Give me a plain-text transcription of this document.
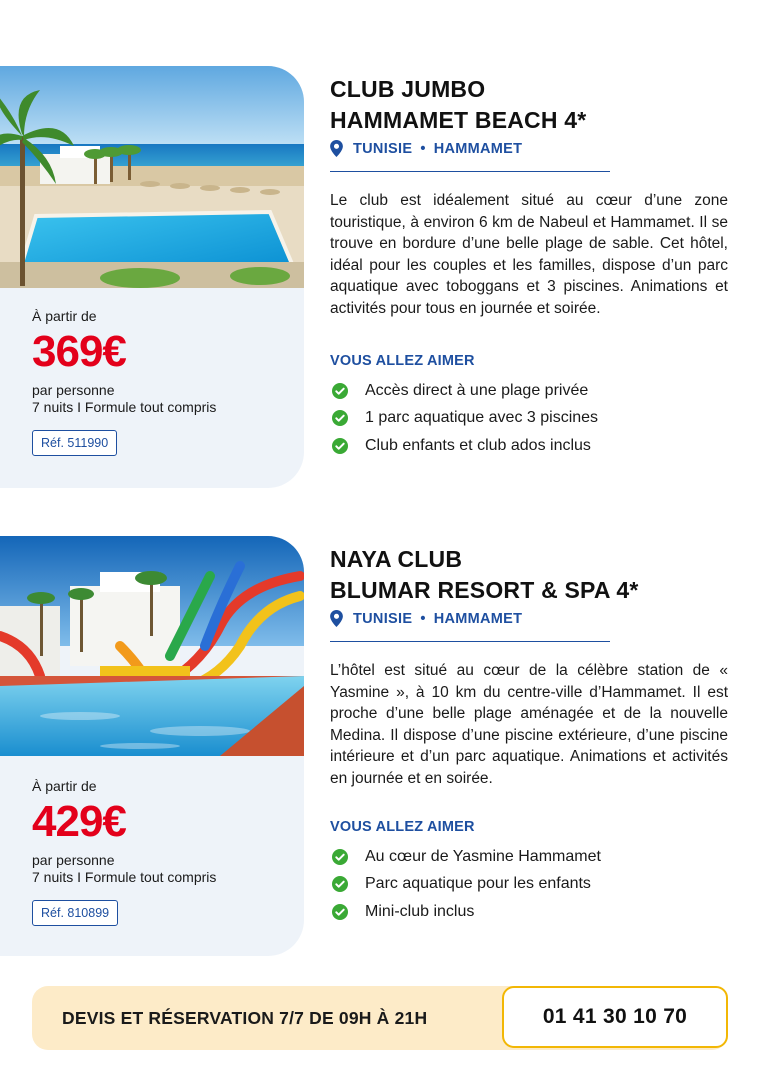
À partir de
369€
par personne
7 nuits I Formule tout compris
Réf. 511990
CLUB JUMBO
HAMMAMET BEACH 4*
TUNISIE • HAMMAMET

Le club est idéalement situé au cœur d’une zone touristique, à environ 6 km de Nabeul et Hammamet. Il se trouve en bordure d’une belle plage de sable. Cet hôtel, idéal pour les couples et les familles, dispose d’un parc aquatique avec toboggans et 3 piscines. Animations et activités pour tous en journée et soirée.

VOUS ALLEZ AIMER
Accès direct à une plage privée
1 parc aquatique avec 3 piscines
Club enfants et club ados inclus
À partir de
429€
par personne
7 nuits I Formule tout compris
Réf. 810899
NAYA CLUB
BLUMAR RESORT & SPA 4*
TUNISIE • HAMMAMET

L’hôtel est situé au cœur de la célèbre station de « Yasmine », à 10 km du centre-ville d’Hammamet. Il est proche d’une belle plage aménagée et de la nouvelle Medina. Il dispose d’une piscine extérieure, d’une piscine intérieure et d’un parc aquatique. Animations et activités en journée et en soirée.

VOUS ALLEZ AIMER
Au cœur de Yasmine Hammamet
Parc aquatique pour les enfants
Mini-club inclus
DEVIS ET RÉSERVATION 7/7 DE 09H À 21H	01 41 30 10 70
